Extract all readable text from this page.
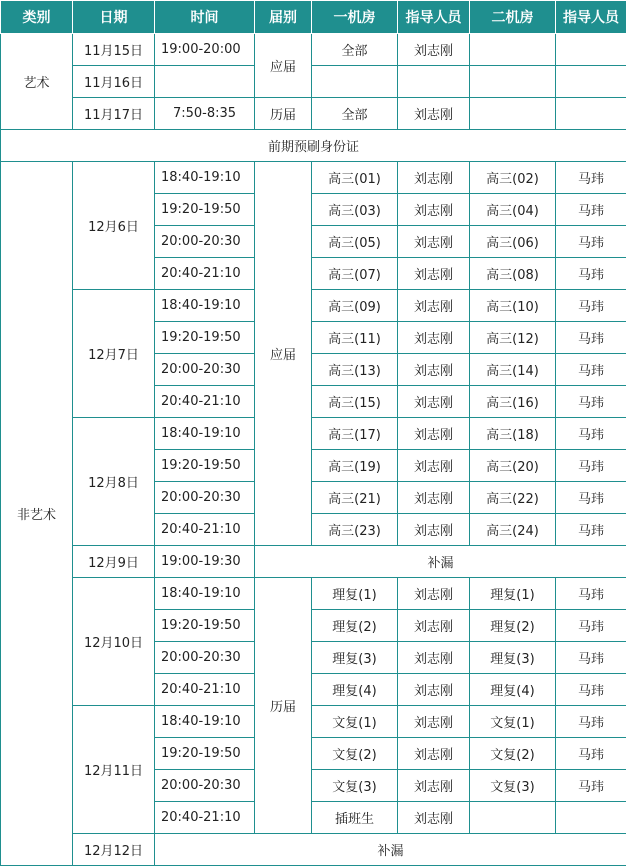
类别	日期	时间	届别	一机房	指导人员	二机房	指导人员
艺术	11月15日	19:00-20:00	应届	全部	刘志刚		
	11月16日						
	11月17日	7:50-8:35	历届	全部	刘志刚		
前期预刷身份证							
非艺术	12月6日	18:40-19:10	应届	高三(01)	刘志刚	高三(02)	马玮
		19:20-19:50		高三(03)	刘志刚	高三(04)	马玮
		20:00-20:30		高三(05)	刘志刚	高三(06)	马玮
		20:40-21:10		高三(07)	刘志刚	高三(08)	马玮
	12月7日	18:40-19:10		高三(09)	刘志刚	高三(10)	马玮
		19:20-19:50		高三(11)	刘志刚	高三(12)	马玮
		20:00-20:30		高三(13)	刘志刚	高三(14)	马玮
		20:40-21:10		高三(15)	刘志刚	高三(16)	马玮
	12月8日	18:40-19:10		高三(17)	刘志刚	高三(18)	马玮
		19:20-19:50		高三(19)	刘志刚	高三(20)	马玮
		20:00-20:30		高三(21)	刘志刚	高三(22)	马玮
		20:40-21:10		高三(23)	刘志刚	高三(24)	马玮
	12月9日	19:00-19:30	补漏				
	12月10日	18:40-19:10	历届	理复(1)	刘志刚	理复(1)	马玮
		19:20-19:50		理复(2)	刘志刚	理复(2)	马玮
		20:00-20:30		理复(3)	刘志刚	理复(3)	马玮
		20:40-21:10		理复(4)	刘志刚	理复(4)	马玮
	12月11日	18:40-19:10		文复(1)	刘志刚	文复(1)	马玮
		19:20-19:50		文复(2)	刘志刚	文复(2)	马玮
		20:00-20:30		文复(3)	刘志刚	文复(3)	马玮
		20:40-21:10		插班生	刘志刚		
	12月12日	补漏					
